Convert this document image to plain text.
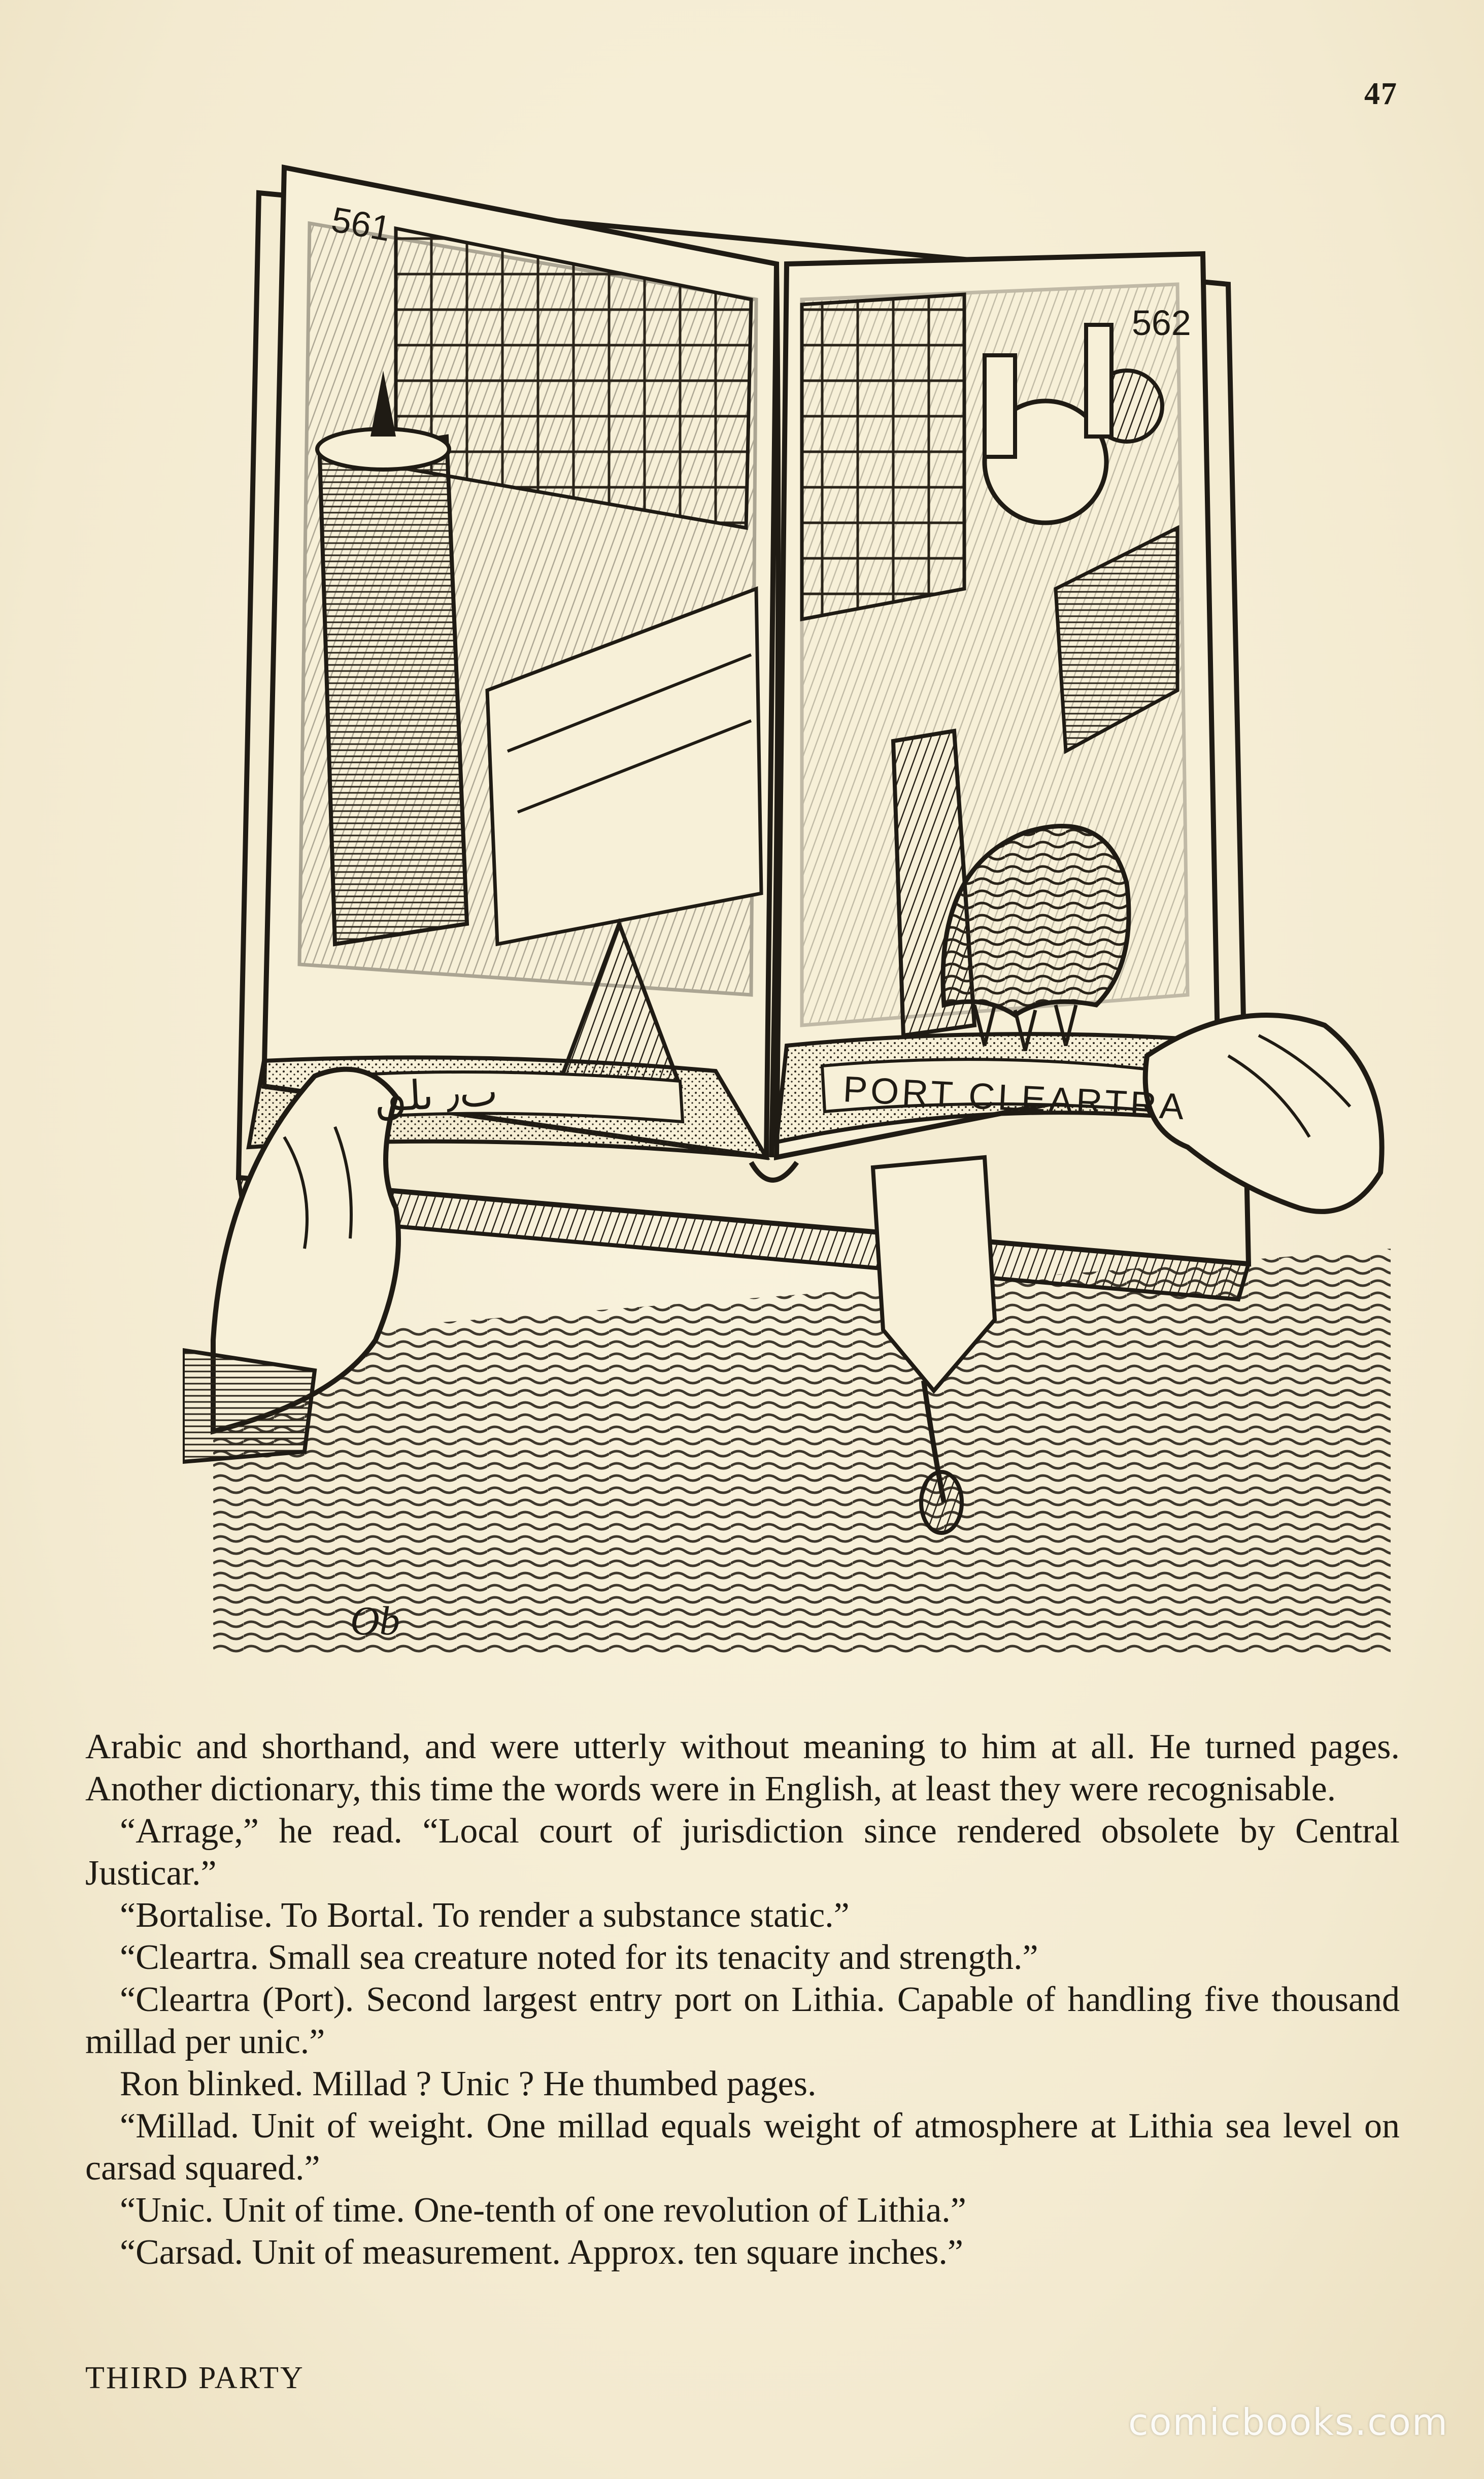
47
561
562
ٮ٫ ٮلٯ	PORT CLEARTRA
Ob

Arabic and shorthand, and were utterly without meaning to him at all. He turned pages. Another dictionary, this time the words were in English, at least they were recognisable.

“Arrage,” he read. “Local court of jurisdiction since rendered obsolete by Central Justicar.”

“Bortalise. To Bortal. To render a substance static.”

“Cleartra. Small sea creature noted for its tenacity and strength.”

“Cleartra (Port). Second largest entry port on Lithia. Capable of handling five thousand millad per unic.”

Ron blinked. Millad ? Unic ? He thumbed pages.

“Millad. Unit of weight. One millad equals weight of atmosphere at Lithia sea level on carsad squared.”

“Unic. Unit of time. One-tenth of one revolution of Lithia.”

“Carsad. Unit of measurement. Approx. ten square inches.”

THIRD PARTY
comicbooks.com
